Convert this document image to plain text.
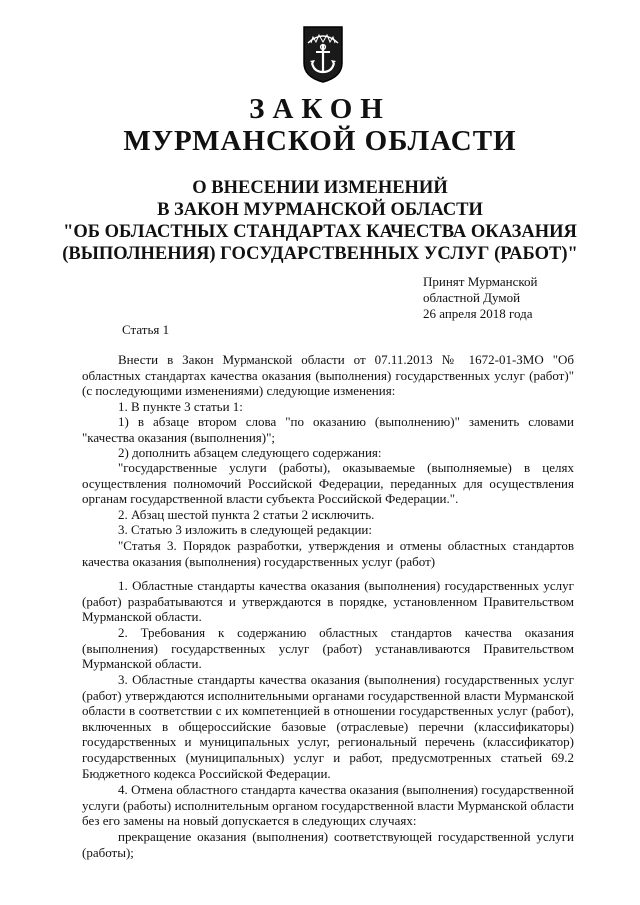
ЗАКОН
МУРМАНСКОЙ ОБЛАСТИ
О ВНЕСЕНИИ ИЗМЕНЕНИЙ
В ЗАКОН МУРМАНСКОЙ ОБЛАСТИ
"ОБ ОБЛАСТНЫХ СТАНДАРТАХ КАЧЕСТВА ОКАЗАНИЯ
(ВЫПОЛНЕНИЯ) ГОСУДАРСТВЕННЫХ УСЛУГ (РАБОТ)"
Принят Мурманской
областной Думой
26 апреля 2018 года
Статья 1
Внести в Закон Мурманской области от 07.11.2013 № 1672-01-ЗМО "Об областных стандартах качества оказания (выполнения) государственных услуг (работ)" (с последующими изменениями) следующие изменения:
1. В пункте 3 статьи 1:
1) в абзаце втором слова "по оказанию (выполнению)" заменить словами "качества оказания (выполнения)";
2) дополнить абзацем следующего содержания:
"государственные услуги (работы), оказываемые (выполняемые) в целях осуществления полномочий Российской Федерации, переданных для осуществления органам государственной власти субъекта Российской Федерации.".
2. Абзац шестой пункта 2 статьи 2 исключить.
3. Статью 3 изложить в следующей редакции:
"Статья 3. Порядок разработки, утверждения и отмены областных стандартов качества оказания (выполнения) государственных услуг (работ)
1. Областные стандарты качества оказания (выполнения) государственных услуг (работ) разрабатываются и утверждаются в порядке, установленном Правительством Мурманской области.
2. Требования к содержанию областных стандартов качества оказания (выполнения) государственных услуг (работ) устанавливаются Правительством Мурманской области.
3. Областные стандарты качества оказания (выполнения) государственных услуг (работ) утверждаются исполнительными органами государственной власти Мурманской области в соответствии с их компетенцией в отношении государственных услуг (работ), включенных в общероссийские базовые (отраслевые) перечни (классификаторы) государственных и муниципальных услуг, региональный перечень (классификатор) государственных (муниципальных) услуг и работ, предусмотренных статьей 69.2 Бюджетного кодекса Российской Федерации.
4. Отмена областного стандарта качества оказания (выполнения) государственной услуги (работы) исполнительным органом государственной власти Мурманской области без его замены на новый допускается в следующих случаях:
прекращение оказания (выполнения) соответствующей государственной услуги (работы);
